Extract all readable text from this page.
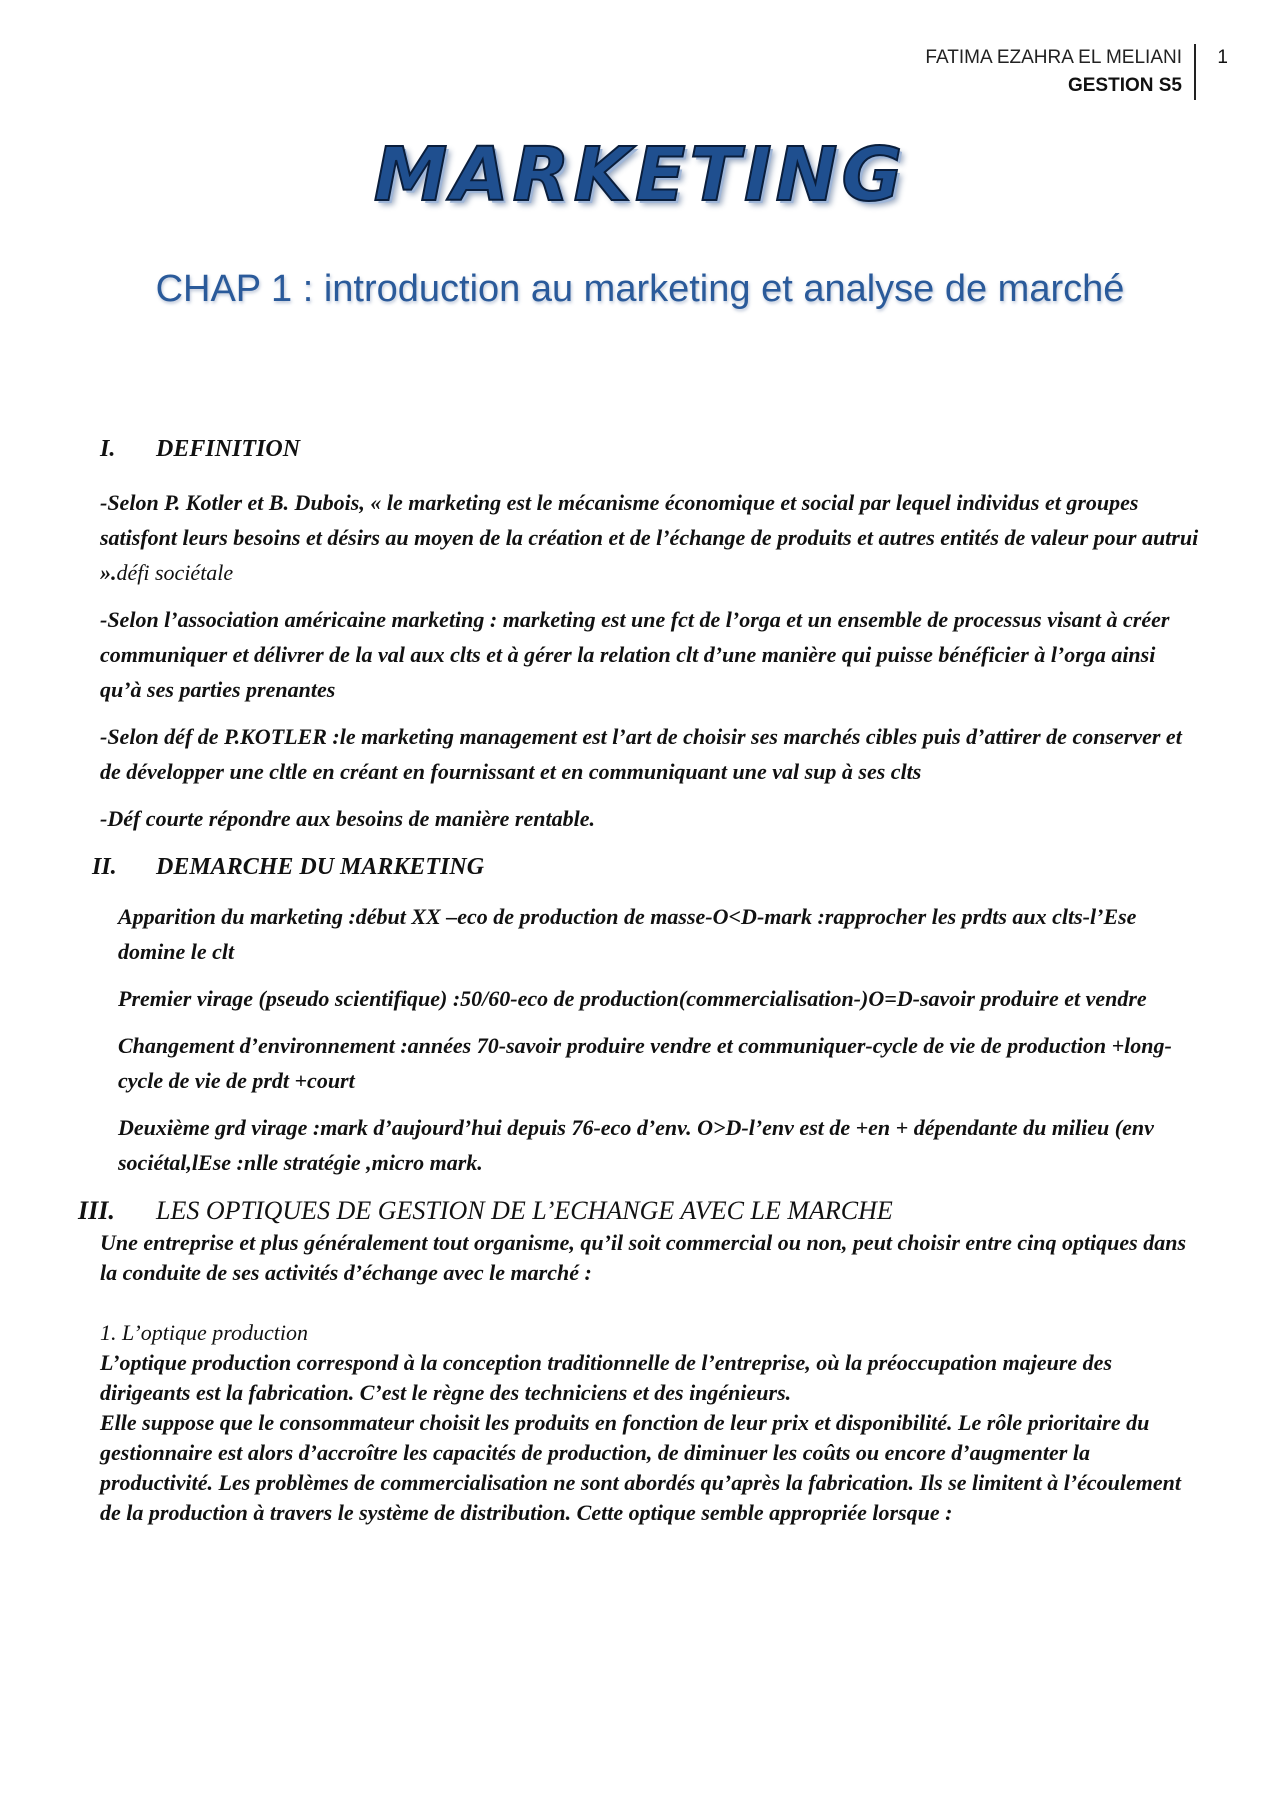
FATIMA EZAHRA EL MELIANI
GESTION S5
1
MARKETING
CHAP 1 : introduction au marketing et analyse de marché
I.	DEFINITION

-Selon P. Kotler et B. Dubois, « le marketing est le mécanisme économique et social par lequel individus et groupes satisfont leurs besoins et désirs au moyen de la création et de l’échange de produits et autres entités de valeur pour autrui ».défi sociétale

-Selon l’association américaine marketing : marketing est une fct de l’orga et un ensemble de processus visant à créer communiquer et délivrer de la val aux clts et à gérer la relation clt d’une manière qui puisse bénéficier à l’orga ainsi qu’à ses parties prenantes

-Selon déf de P.KOTLER :le marketing management est l’art de choisir ses marchés cibles puis d’attirer de conserver et de développer une cltle en créant en fournissant et en communiquant une val sup à ses clts

-Déf courte répondre aux besoins de manière rentable.

II.	DEMARCHE DU MARKETING

Apparition du marketing :début XX –eco de production de masse-O<D-mark :rapprocher les prdts aux clts-l’Ese domine le clt

Premier virage (pseudo scientifique) :50/60-eco de production(commercialisation-)O=D-savoir produire et vendre

Changement d’environnement :années 70-savoir produire vendre et communiquer-cycle de vie de production +long-cycle de vie de prdt +court

Deuxième grd virage :mark d’aujourd’hui depuis 76-eco d’env. O>D-l’env est de +en + dépendante du milieu (env sociétal,lEse :nlle stratégie ,micro mark.

III.	LES OPTIQUES DE GESTION DE L’ECHANGE AVEC LE MARCHE

Une entreprise et plus généralement tout organisme, qu’il soit commercial ou non, peut choisir entre cinq optiques dans la conduite de ses activités d’échange avec le marché :

1. L’optique production

L’optique production correspond à la conception traditionnelle de l’entreprise, où la préoccupation majeure des dirigeants est la fabrication. C’est le règne des techniciens et des ingénieurs.

Elle suppose que le consommateur choisit les produits en fonction de leur prix et disponibilité. Le rôle prioritaire du gestionnaire est alors d’accroître les capacités de production, de diminuer les coûts ou encore d’augmenter la productivité. Les problèmes de commercialisation ne sont abordés qu’après la fabrication. Ils se limitent à l’écoulement de la production à travers le système de distribution. Cette optique semble appropriée lorsque :
